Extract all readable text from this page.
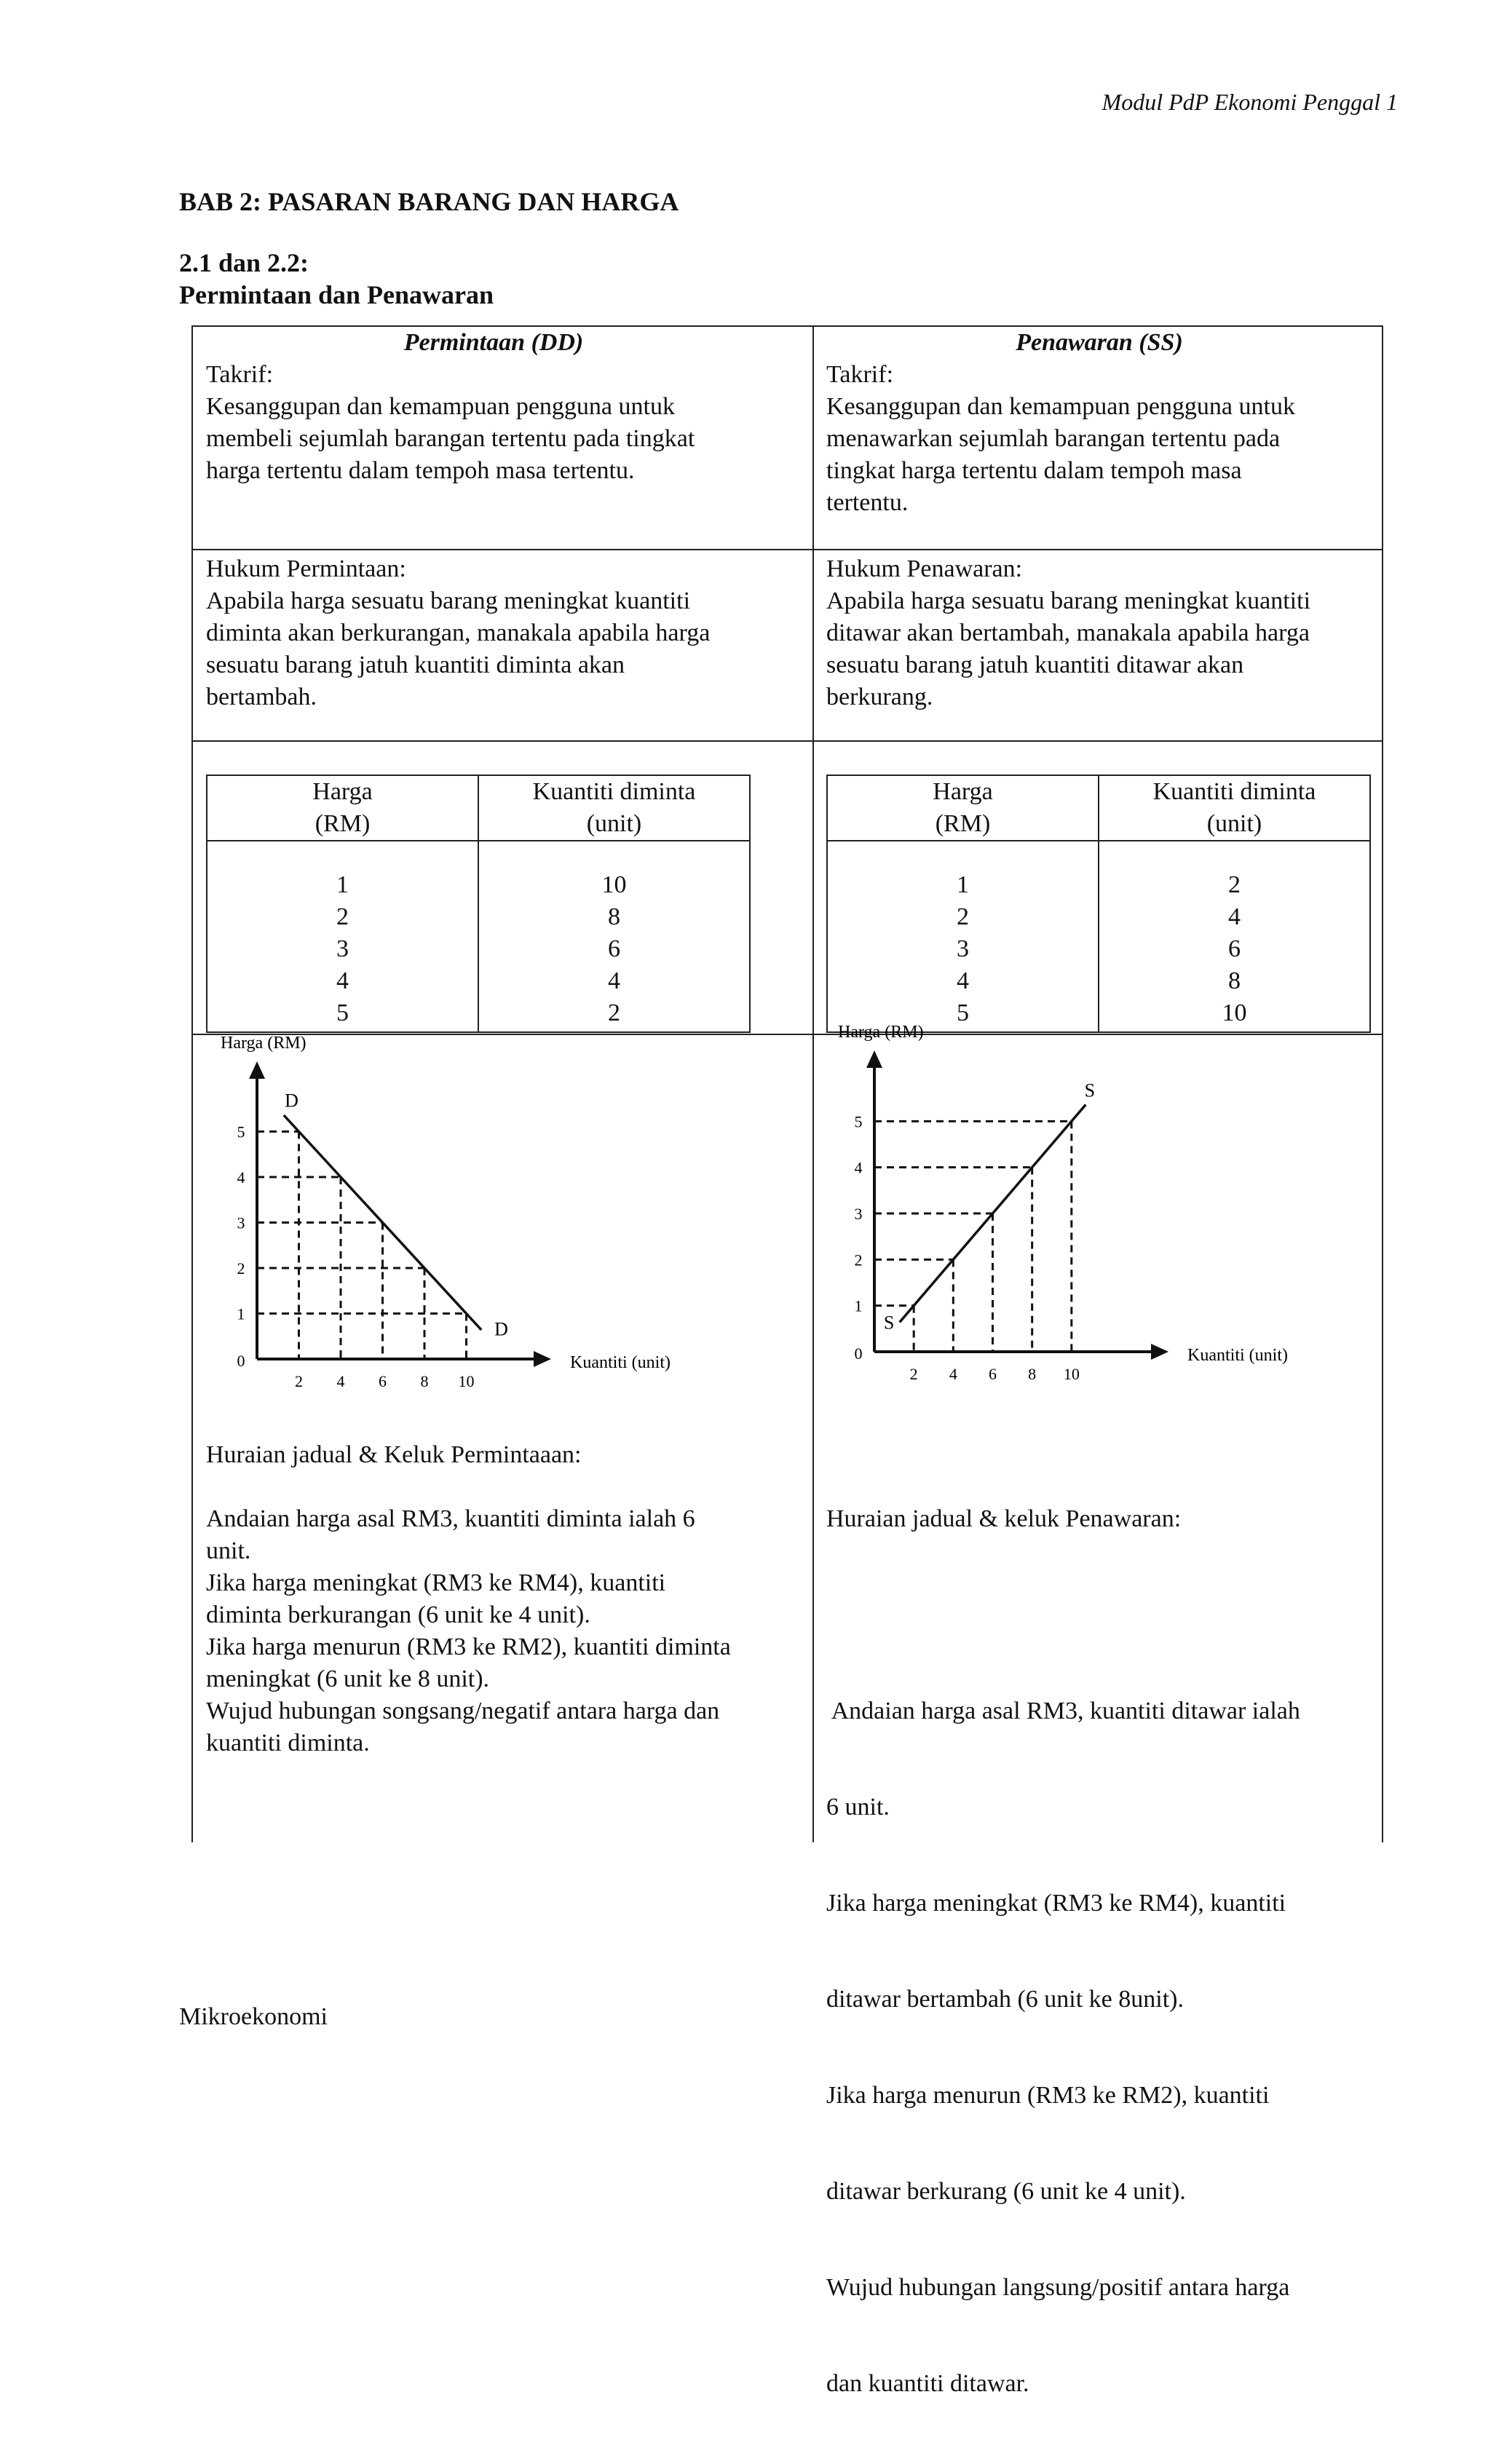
Modul PdP Ekonomi Penggal 1
BAB 2: PASARAN BARANG DAN HARGA
2.1 dan 2.2:
Permintaan dan Penawaran
Permintaan (DD)
Takrif:
Kesanggupan dan kemampuan pengguna untuk
membeli sejumlah barangan tertentu pada tingkat
harga tertentu dalam tempoh masa tertentu.
Penawaran (SS)
Takrif:
Kesanggupan dan kemampuan pengguna untuk
menawarkan sejumlah barangan tertentu pada
tingkat harga tertentu dalam tempoh masa
tertentu.
Hukum Permintaan:
Apabila harga sesuatu barang meningkat kuantiti
diminta akan berkurangan, manakala apabila harga
sesuatu barang jatuh kuantiti diminta akan
bertambah.
Hukum Penawaran:
Apabila harga sesuatu barang meningkat kuantiti
ditawar akan bertambah, manakala apabila harga
sesuatu barang jatuh kuantiti ditawar akan
berkurang.
Harga
(RM)
Kuantiti diminta
(unit)
1
2
3
4
5
10
8
6
4
2
Harga
(RM)
Kuantiti diminta
(unit)
1
2
3
4
5
2
4
6
8
10
1
2
3
4
5
2 4 6 8 10
0
Harga (RM)
Kuantiti (unit)
D
D
1
2
3
4
5
2 4 6 8 10
0
Harga (RM)
Kuantiti (unit)
S
S
Huraian jadual & Keluk Permintaaan:
Andaian harga asal RM3, kuantiti diminta ialah 6
unit.
Jika harga meningkat (RM3 ke RM4), kuantiti
diminta berkurangan (6 unit ke 4 unit).
Jika harga menurun (RM3 ke RM2), kuantiti diminta
meningkat (6 unit ke 8 unit).
Wujud hubungan songsang/negatif antara harga dan
kuantiti diminta.

Huraian jadual & keluk Penawaran:

Andaian harga asal RM3, kuantiti ditawar ialah

6 unit.

Jika harga meningkat (RM3 ke RM4), kuantiti

ditawar bertambah (6 unit ke 8unit).

Jika harga menurun (RM3 ke RM2), kuantiti

ditawar berkurang (6 unit ke 4 unit).

Wujud hubungan langsung/positif antara harga

dan kuantiti ditawar.

Mikroekonomi
